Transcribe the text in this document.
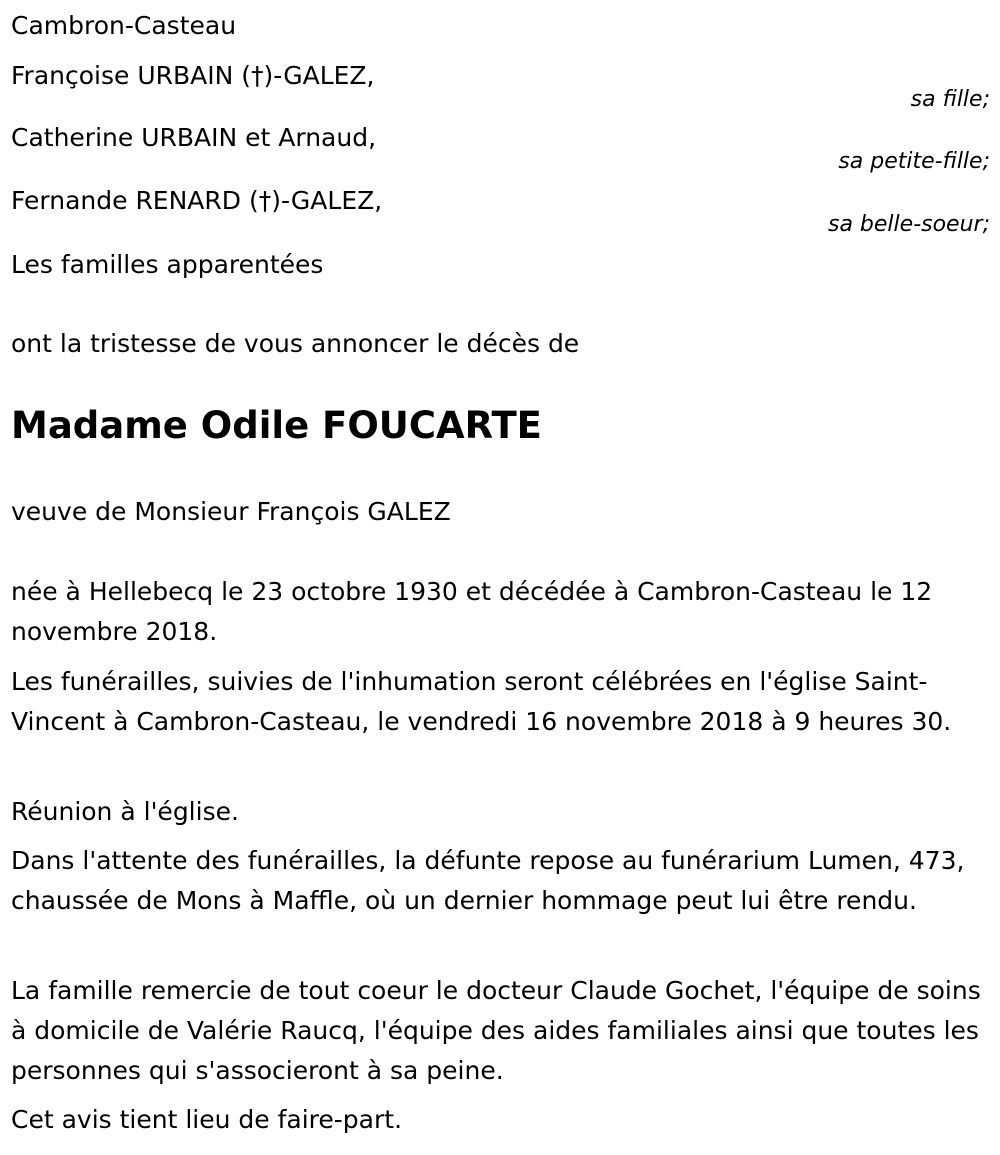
Cambron-Casteau
Françoise URBAIN (†)-GALEZ,
sa fille;
Catherine URBAIN et Arnaud,
sa petite-fille;
Fernande RENARD (†)-GALEZ,
sa belle-soeur;
Les familles apparentées
ont la tristesse de vous annoncer le décès de
Madame Odile FOUCARTE
veuve de Monsieur François GALEZ
née à Hellebecq le 23 octobre 1930 et décédée à Cambron-Casteau le 12 novembre 2018.
Les funérailles, suivies de l'inhumation seront célébrées en l'église Saint-Vincent à Cambron-Casteau, le vendredi 16 novembre 2018 à 9 heures 30.
Réunion à l'église.
Dans l'attente des funérailles, la défunte repose au funérarium Lumen, 473, chaussée de Mons à Maffle, où un dernier hommage peut lui être rendu.
La famille remercie de tout coeur le docteur Claude Gochet, l'équipe de soins à domicile de Valérie Raucq, l'équipe des aides familiales ainsi que toutes les personnes qui s'associeront à sa peine.
Cet avis tient lieu de faire-part.
